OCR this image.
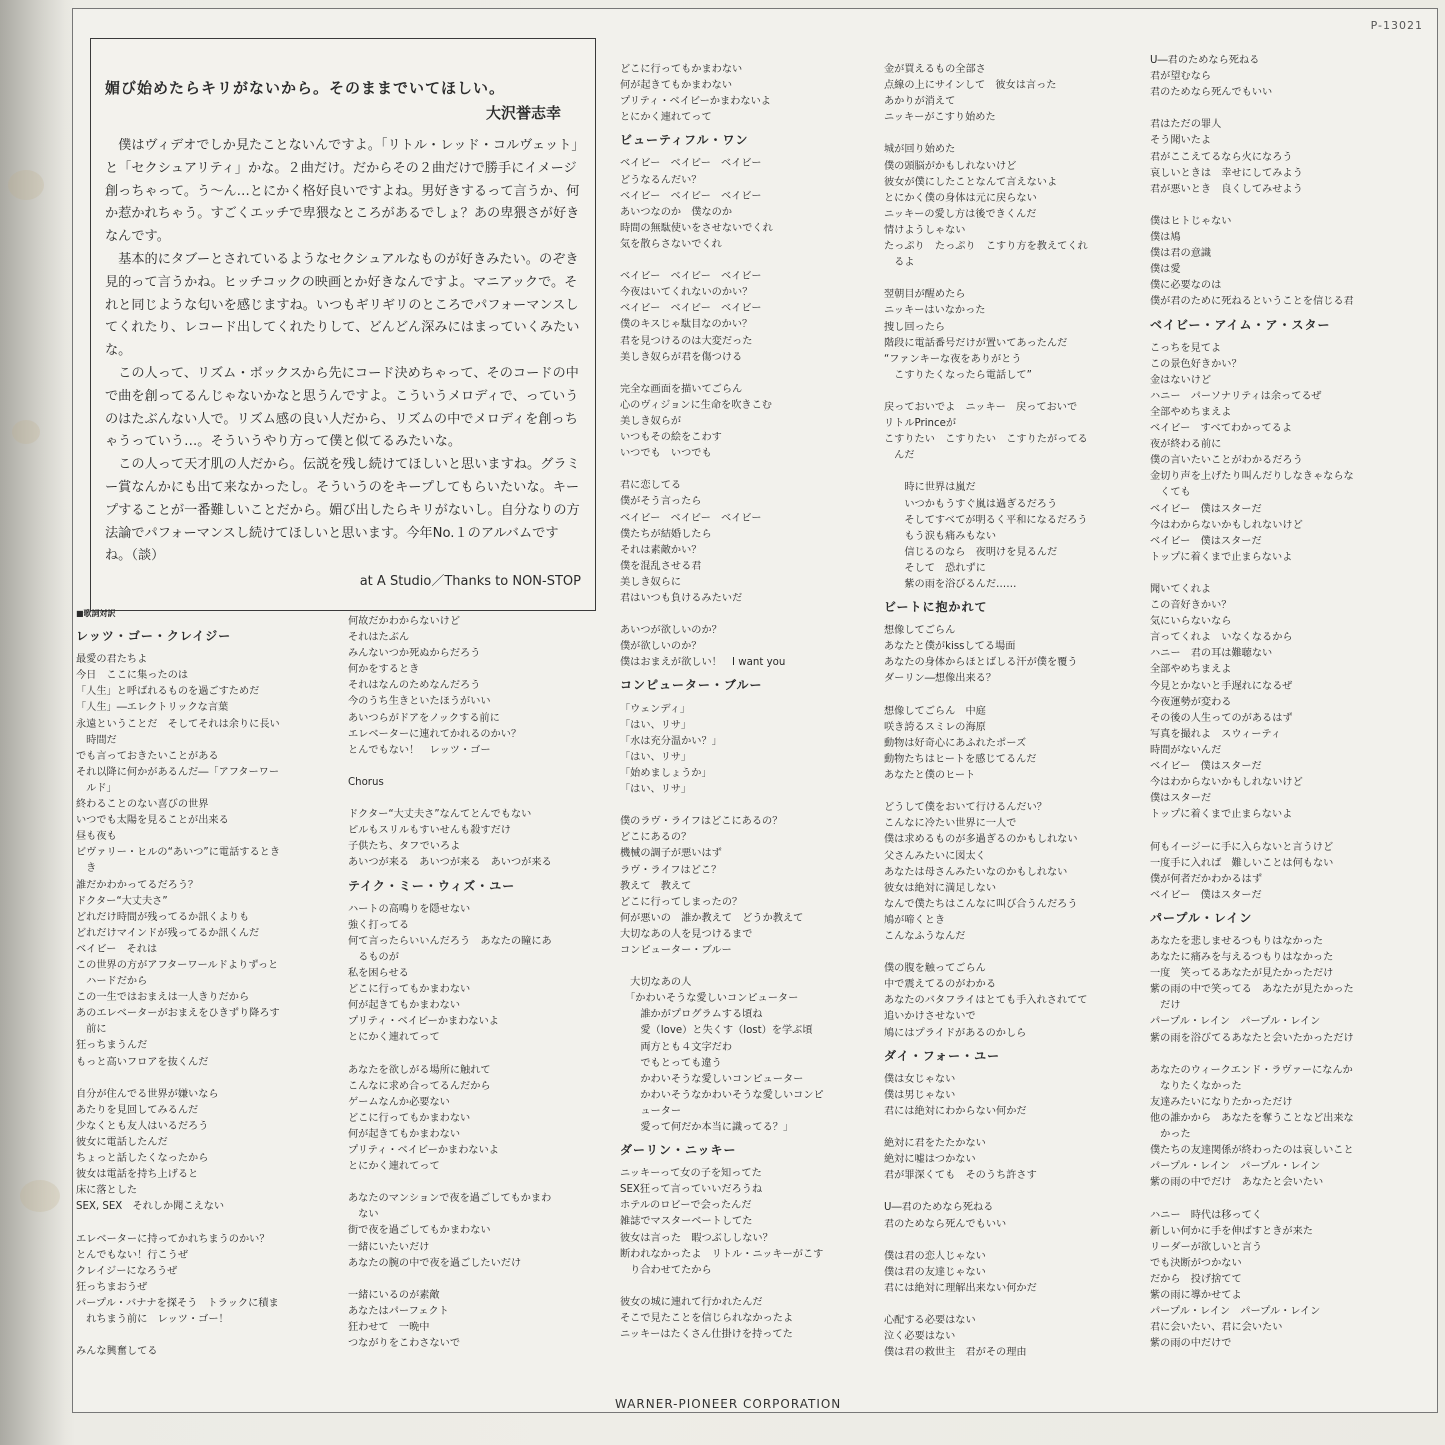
P-13021
媚び始めたらキリがないから。そのままでいてほしい。
大沢誉志幸

　僕はヴィデオでしか見たことないんですよ。「リトル・レッド・コルヴェット」と「セクシュアリティ」かな。２曲だけ。だからその２曲だけで勝手にイメージ創っちゃって。う～ん…とにかく格好良いですよね。男好きするって言うか、何か惹かれちゃう。すごくエッチで卑猥なところがあるでしょ？あの卑猥さが好きなんです。

　基本的にタブーとされているようなセクシュアルなものが好きみたい。のぞき見的って言うかね。ヒッチコックの映画とか好きなんですよ。マニアックで。それと同じような匂いを感じますね。いつもギリギリのところでパフォーマンスしてくれたり、レコード出してくれたりして、どんどん深みにはまっていくみたいな。

　この人って、リズム・ボックスから先にコード決めちゃって、そのコードの中で曲を創ってるんじゃないかなと思うんですよ。こういうメロディで、っていうのはたぶんない人で。リズム感の良い人だから、リズムの中でメロディを創っちゃうっていう…。そういうやり方って僕と似てるみたいな。

　この人って天才肌の人だから。伝説を残し続けてほしいと思いますね。グラミー賞なんかにも出て来なかったし。そういうのをキープしてもらいたいな。キープすることが一番難しいことだから。媚び出したらキリがないし。自分なりの方法論でパフォーマンスし続けてほしいと思います。今年No.１のアルバムですね。（談）

at A Studio／Thanks to NON-STOP

■歌詞対訳

レッツ・ゴー・クレイジー

最愛の君たちよ

今日　ここに集ったのは

「人生」と呼ばれるものを過ごすためだ

「人生」―エレクトリックな言葉

永遠ということだ　そしてそれは余りに長い

　時間だ

でも言っておきたいことがある

それ以降に何かがあるんだ―「アフターワー

　ルド」

終わることのない喜びの世界

いつでも太陽を見ることが出来る

昼も夜も

ビヴァリー・ヒルの“あいつ”に電話するとき

　き

誰だかわかってるだろう？

ドクター“大丈夫さ”

どれだけ時間が残ってるか訊くよりも

どれだけマインドが残ってるか訊くんだ

ベイビー　それは

この世界の方がアフターワールドよりずっと

　ハードだから

この一生ではおまえは一人きりだから

あのエレベーターがおまえをひきずり降ろす

　前に

狂っちまうんだ

もっと高いフロアを抜くんだ

自分が住んでる世界が嫌いなら

あたりを見回してみるんだ

少なくとも友人はいるだろう

彼女に電話したんだ

ちょっと話したくなったから

彼女は電話を持ち上げると

床に落とした

SEX, SEX　それしか聞こえない

エレベーターに持ってかれちまうのかい？

とんでもない！行こうぜ

クレイジーになろうぜ

狂っちまおうぜ

パープル・バナナを探そう　トラックに積ま

　れちまう前に　レッツ・ゴー！

みんな興奮してる

何故だかわからないけど

それはたぶん

みんないつか死ぬからだろう

何かをするとき

それはなんのためなんだろう

今のうち生きといたほうがいい

あいつらがドアをノックする前に

エレベーターに連れてかれるのかい？

とんでもない！　レッツ・ゴー

Chorus

ドクター“大丈夫さ”なんてとんでもない

ピルもスリルもすいせんも殺すだけ

子供たち、タフでいろよ

あいつが来る　あいつが来る　あいつが来る

テイク・ミー・ウィズ・ユー

ハートの高鳴りを隠せない

強く打ってる

何て言ったらいいんだろう　あなたの瞳にあ

　るものが

私を困らせる

どこに行ってもかまわない

何が起きてもかまわない

プリティ・ベイビーかまわないよ

とにかく連れてって

あなたを欲しがる場所に触れて

こんなに求め合ってるんだから

ゲームなんか必要ない

どこに行ってもかまわない

何が起きてもかまわない

プリティ・ベイビーかまわないよ

とにかく連れてって

あなたのマンションで夜を過ごしてもかまわ

　ない

街で夜を過ごしてもかまわない

一緒にいたいだけ

あなたの腕の中で夜を過ごしたいだけ

一緒にいるのが素敵

あなたはパーフェクト

狂わせて　一晩中

つながりをこわさないで

どこに行ってもかまわない

何が起きてもかまわない

プリティ・ベイビーかまわないよ

とにかく連れてって

ビューティフル・ワン

ベイビー　ベイビー　ベイビー

どうなるんだい？

ベイビー　ベイビー　ベイビー

あいつなのか　僕なのか

時間の無駄使いをさせないでくれ

気を散らさないでくれ

ベイビー　ベイビー　ベイビー

今夜はいてくれないのかい？

ベイビー　ベイビー　ベイビー

僕のキスじゃ駄目なのかい？

君を見つけるのは大変だった

美しき奴らが君を傷つける

完全な画面を描いてごらん

心のヴィジョンに生命を吹きこむ

美しき奴らが

いつもその絵をこわす

いつでも　いつでも

君に恋してる

僕がそう言ったら

ベイビー　ベイビー　ベイビー

僕たちが結婚したら

それは素敵かい？

僕を混乱させる君

美しき奴らに

君はいつも負けるみたいだ

あいつが欲しいのか？

僕が欲しいのか？

僕はおまえが欲しい！　I want you

コンピューター・ブルー

「ウェンディ」

「はい、リサ」

「水は充分温かい？」

「はい、リサ」

「始めましょうか」

「はい、リサ」

僕のラヴ・ライフはどこにあるの？

どこにあるの？

機械の調子が悪いはず

ラヴ・ライフはどこ？

教えて　教えて

どこに行ってしまったの？

何が悪いの　誰か教えて　どうか教えて

大切なあの人を見つけるまで

コンピューター・ブルー

　大切なあの人

　「かわいそうな愛しいコンピューター

　　誰かがプログラムする頃ね

　　愛（love）と失くす（lost）を学ぶ頃

　　両方とも４文字だわ

　　でもとっても違う

　　かわいそうな愛しいコンピューター

　　かわいそうなかわいそうな愛しいコンピ

　　ューター

　　愛って何だか本当に識ってる？」

ダーリン・ニッキー

ニッキーって女の子を知ってた

SEX狂って言っていいだろうね

ホテルのロビーで会ったんだ

雑誌でマスターベートしてた

彼女は言った　暇つぶししない？

断われなかったよ　リトル・ニッキーがこす

　り合わせてたから

彼女の城に連れて行かれたんだ

そこで見たことを信じられなかったよ

ニッキーはたくさん仕掛けを持ってた

金が買えるもの全部さ

点線の上にサインして　彼女は言った

あかりが消えて

ニッキーがこすり始めた

城が回り始めた

僕の頭脳がかもしれないけど

彼女が僕にしたことなんて言えないよ

とにかく僕の身体は元に戻らない

ニッキーの愛し方は後できくんだ

情けようしゃない

たっぷり　たっぷり　こすり方を教えてくれ

　るよ

翌朝目が醒めたら

ニッキーはいなかった

捜し回ったら

階段に電話番号だけが置いてあったんだ

“ファンキーな夜をありがとう

　こすりたくなったら電話して”

戻っておいでよ　ニッキー　戻っておいで

リトルPrinceが

こすりたい　こすりたい　こすりたがってる

　んだ

　　時に世界は嵐だ

　　いつかもうすぐ嵐は過ぎるだろう

　　そしてすべてが明るく平和になるだろう

　　もう涙も痛みもない

　　信じるのなら　夜明けを見るんだ

　　そして　恐れずに

　　紫の雨を浴びるんだ……

ビートに抱かれて

想像してごらん

あなたと僕がkissしてる場面

あなたの身体からほとばしる汗が僕を覆う

ダーリン―想像出来る？

想像してごらん　中庭

咲き誇るスミレの海原

動物は好奇心にあふれたポーズ

動物たちはヒートを感じてるんだ

あなたと僕のヒート

どうして僕をおいて行けるんだい？

こんなに冷たい世界に一人で

僕は求めるものが多過ぎるのかもしれない

父さんみたいに図太く

あなたは母さんみたいなのかもしれない

彼女は絶対に満足しない

なんで僕たちはこんなに叫び合うんだろう

鳩が啼くとき

こんなふうなんだ

僕の腹を触ってごらん

中で震えてるのがわかる

あなたのバタフライはとても手入れされてて

追いかけさせないで

鳩にはプライドがあるのかしら

ダイ・フォー・ユー

僕は女じゃない

僕は男じゃない

君には絶対にわからない何かだ

絶対に君をたたかない

絶対に嘘はつかない

君が罪深くても　そのうち許さす

U―君のためなら死ねる

君のためなら死んでもいい

僕は君の恋人じゃない

僕は君の友達じゃない

君には絶対に理解出来ない何かだ

心配する必要はない

泣く必要はない

僕は君の救世主　君がその理由

U―君のためなら死ねる

君が望むなら

君のためなら死んでもいい

君はただの罪人

そう聞いたよ

君がここえてるなら火になろう

哀しいときは　幸せにしてみよう

君が悪いとき　良くしてみせよう

僕はヒトじゃない

僕は鳩

僕は君の意識

僕は愛

僕に必要なのは

僕が君のために死ねるということを信じる君

ベイビー・アイム・ア・スター

こっちを見てよ

この景色好きかい？

金はないけど

ハニー　パーソナリティは余ってるぜ

全部やめちまえよ

ベイビー　すべてわかってるよ

夜が終わる前に

僕の言いたいことがわかるだろう

金切り声を上げたり叫んだりしなきゃならな

　くても

ベイビー　僕はスターだ

今はわからないかもしれないけど

ベイビー　僕はスターだ

トップに着くまで止まらないよ

聞いてくれよ

この音好きかい？

気にいらないなら

言ってくれよ　いなくなるから

ハニー　君の耳は難聴ない

全部やめちまえよ

今見とかないと手遅れになるぜ

今夜運勢が変わる

その後の人生ってのがあるはず

写真を撮れよ　スウィーティ

時間がないんだ

ベイビー　僕はスターだ

今はわからないかもしれないけど

僕はスターだ

トップに着くまで止まらないよ

何もイージーに手に入らないと言うけど

一度手に入れば　難しいことは何もない

僕が何者だかわかるはず

ベイビー　僕はスターだ

パープル・レイン

あなたを悲しませるつもりはなかった

あなたに痛みを与えるつもりはなかった

一度　笑ってるあなたが見たかっただけ

紫の雨の中で笑ってる　あなたが見たかった

　だけ

パープル・レイン　パープル・レイン

紫の雨を浴びてるあなたと会いたかっただけ

あなたのウィークエンド・ラヴァーになんか

　なりたくなかった

友達みたいになりたかっただけ

他の誰かから　あなたを奪うことなど出来な

　かった

僕たちの友達関係が終わったのは哀しいこと

パープル・レイン　パープル・レイン

紫の雨の中でだけ　あなたと会いたい

ハニー　時代は移ってく

新しい何かに手を伸ばすときが来た

リーダーが欲しいと言う

でも決断がつかない

だから　投げ捨てて

紫の雨に導かせてよ

パープル・レイン　パープル・レイン

君に会いたい、君に会いたい

紫の雨の中だけで

WARNER-PIONEER CORPORATION
